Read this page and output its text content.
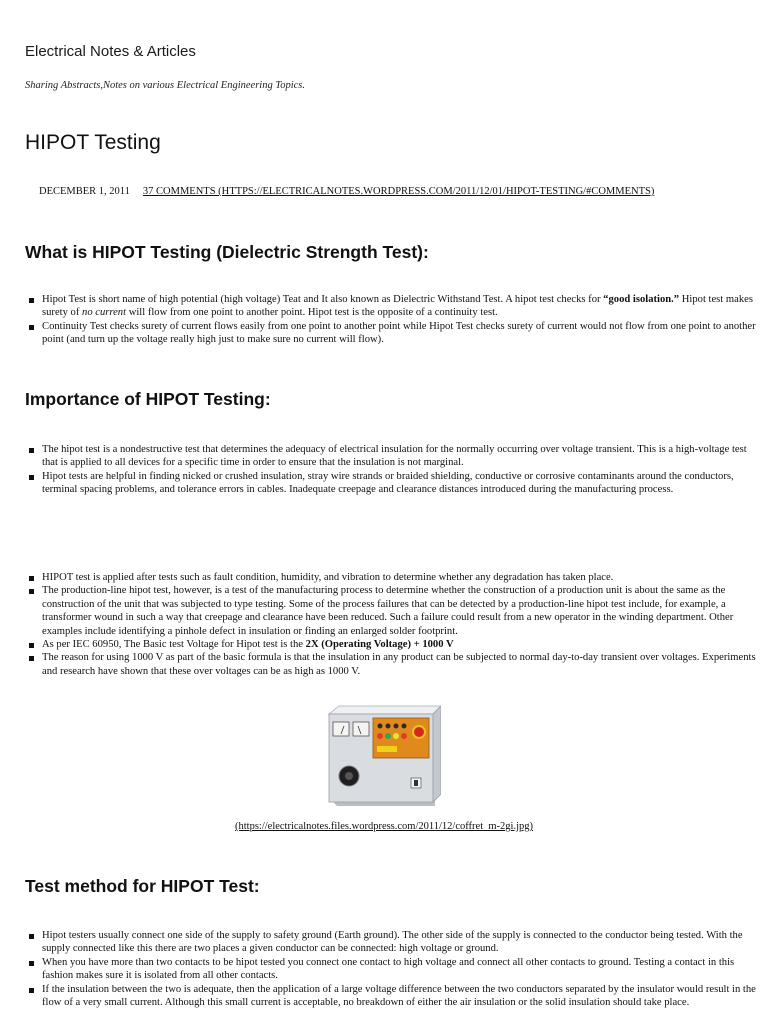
Electrical Notes & Articles
Sharing Abstracts,Notes on various Electrical Engineering Topics.
HIPOT Testing
DECEMBER 1, 2011 37 COMMENTS (HTTPS://ELECTRICALNOTES.WORDPRESS.COM/2011/12/01/HIPOT-TESTING/#COMMENTS)
What is HIPOT Testing (Dielectric Strength Test):
Hipot Test is short name of high potential (high voltage) Teat and It also known as Dielectric Withstand Test. A hipot test checks for “good isolation.” Hipot test makes surety of no current will flow from one point to another point. Hipot test is the opposite of a continuity test.
Continuity Test checks surety of current flows easily from one point to another point while Hipot Test checks surety of current would not flow from one point to another point (and turn up the voltage really high just to make sure no current will flow).
Importance of HIPOT Testing:
The hipot test is a nondestructive test that determines the adequacy of electrical insulation for the normally occurring over voltage transient. This is a high-voltage test that is applied to all devices for a specific time in order to ensure that the insulation is not marginal.
Hipot tests are helpful in finding nicked or crushed insulation, stray wire strands or braided shielding, conductive or corrosive contaminants around the conductors, terminal spacing problems, and tolerance errors in cables. Inadequate creepage and clearance distances introduced during the manufacturing process.
HIPOT test is applied after tests such as fault condition, humidity, and vibration to determine whether any degradation has taken place.
The production-line hipot test, however, is a test of the manufacturing process to determine whether the construction of a production unit is about the same as the construction of the unit that was subjected to type testing. Some of the process failures that can be detected by a production-line hipot test include, for example, a transformer wound in such a way that creepage and clearance have been reduced. Such a failure could result from a new operator in the winding department. Other examples include identifying a pinhole defect in insulation or finding an enlarged solder footprint.
As per IEC 60950, The Basic test Voltage for Hipot test is the 2X (Operating Voltage) + 1000 V
The reason for using 1000 V as part of the basic formula is that the insulation in any product can be subjected to normal day-to-day transient over voltages. Experiments and research have shown that these over voltages can be as high as 1000 V.
(https://electricalnotes.files.wordpress.com/2011/12/coffret_m-2gi.jpg)
Test method for HIPOT Test:
Hipot testers usually connect one side of the supply to safety ground (Earth ground). The other side of the supply is connected to the conductor being tested. With the supply connected like this there are two places a given conductor can be connected: high voltage or ground.
When you have more than two contacts to be hipot tested you connect one contact to high voltage and connect all other contacts to ground. Testing a contact in this fashion makes sure it is isolated from all other contacts.
If the insulation between the two is adequate, then the application of a large voltage difference between the two conductors separated by the insulator would result in the flow of a very small current. Although this small current is acceptable, no breakdown of either the air insulation or the solid insulation should take place.
